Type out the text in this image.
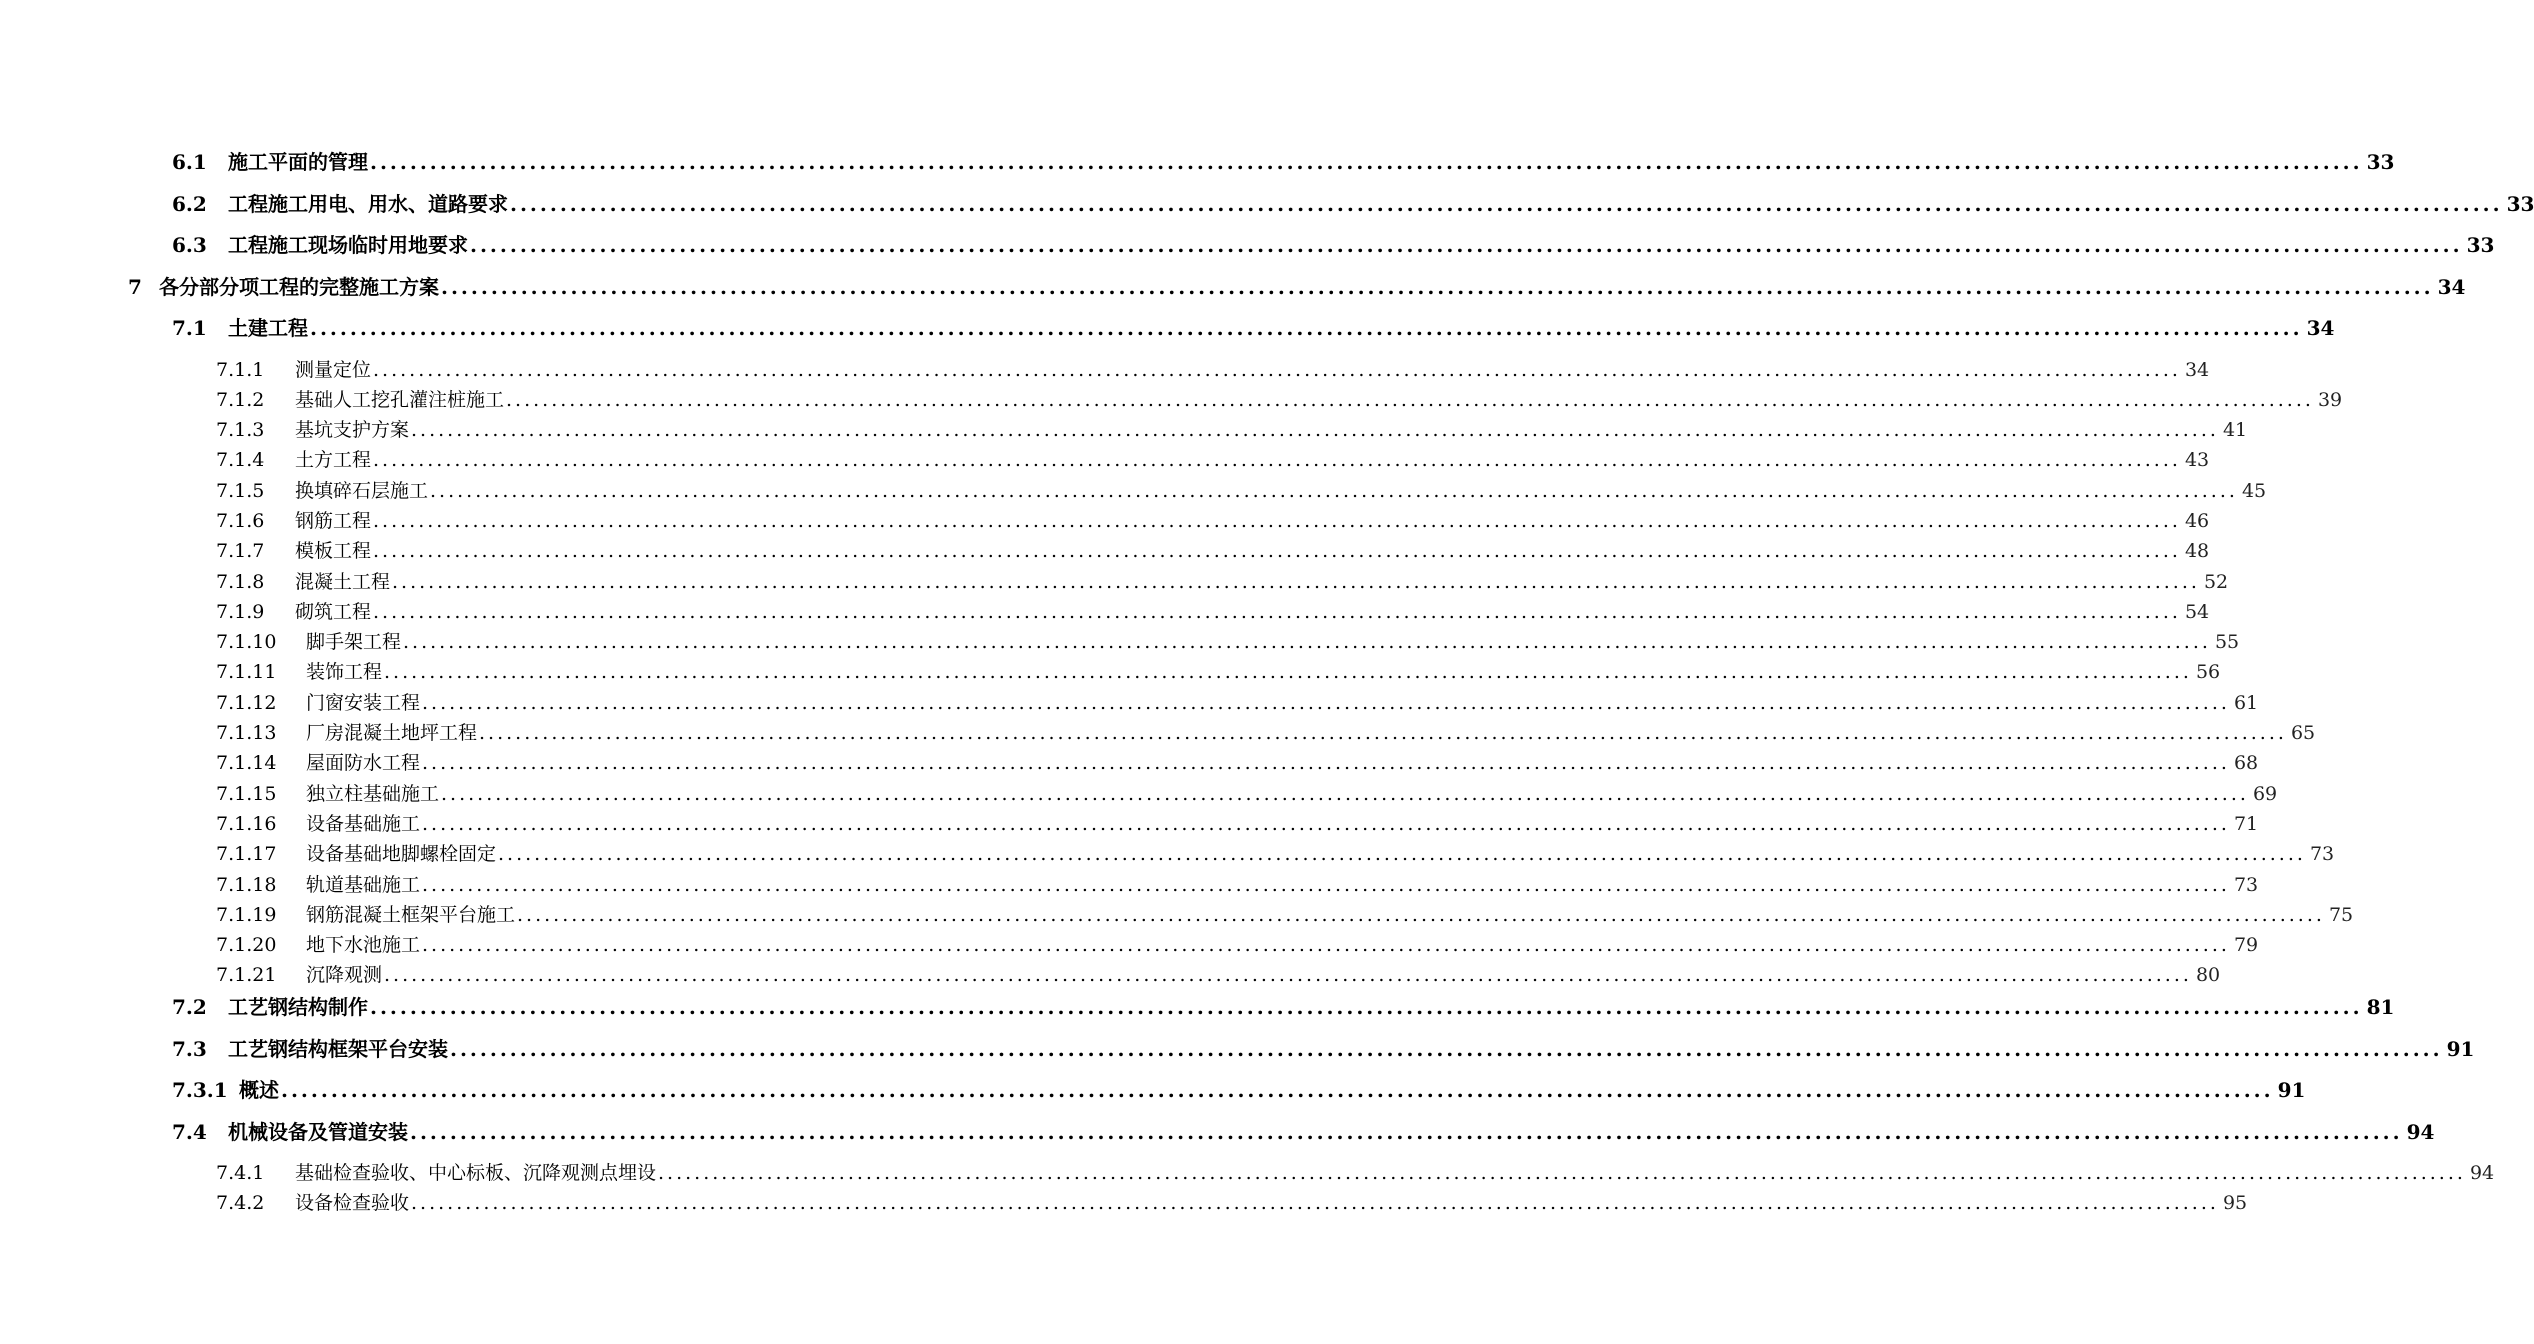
6.1	施工平面的管理 ........................................................................................................................................................................................................ 33
6.2	工程施工用电、用水、道路要求 ........................................................................................................................................................................................................ 33
6.3	工程施工现场临时用地要求 ........................................................................................................................................................................................................ 33
7 各分部分项工程的完整施工方案 ........................................................................................................................................................................................................ 34
7.1	土建工程 ........................................................................................................................................................................................................ 34
7.1.1	测量定位 ........................................................................................................................................................................................................ 34
7.1.2	基础人工挖孔灌注桩施工 ........................................................................................................................................................................................................ 39
7.1.3	基坑支护方案 ........................................................................................................................................................................................................ 41
7.1.4	土方工程 ........................................................................................................................................................................................................ 43
7.1.5	换填碎石层施工 ........................................................................................................................................................................................................ 45
7.1.6	钢筋工程 ........................................................................................................................................................................................................ 46
7.1.7	模板工程 ........................................................................................................................................................................................................ 48
7.1.8	混凝土工程 ........................................................................................................................................................................................................ 52
7.1.9	砌筑工程 ........................................................................................................................................................................................................ 54
7.1.10	脚手架工程 ........................................................................................................................................................................................................ 55
7.1.11	装饰工程 ........................................................................................................................................................................................................ 56
7.1.12	门窗安装工程 ........................................................................................................................................................................................................ 61
7.1.13	厂房混凝土地坪工程 ........................................................................................................................................................................................................ 65
7.1.14	屋面防水工程 ........................................................................................................................................................................................................ 68
7.1.15	独立柱基础施工 ........................................................................................................................................................................................................ 69
7.1.16	设备基础施工 ........................................................................................................................................................................................................ 71
7.1.17	设备基础地脚螺栓固定 ........................................................................................................................................................................................................ 73
7.1.18	轨道基础施工 ........................................................................................................................................................................................................ 73
7.1.19	钢筋混凝土框架平台施工 ........................................................................................................................................................................................................ 75
7.1.20	地下水池施工 ........................................................................................................................................................................................................ 79
7.1.21	沉降观测 ........................................................................................................................................................................................................ 80
7.2	工艺钢结构制作 ........................................................................................................................................................................................................ 81
7.3	工艺钢结构框架平台安装 ........................................................................................................................................................................................................ 91
7.3.1 概述 ........................................................................................................................................................................................................ 91
7.4	机械设备及管道安装 ........................................................................................................................................................................................................ 94
7.4.1	基础检查验收、中心标板、沉降观测点埋设 ........................................................................................................................................................................................................ 94
7.4.2	设备检查验收 ........................................................................................................................................................................................................ 95
